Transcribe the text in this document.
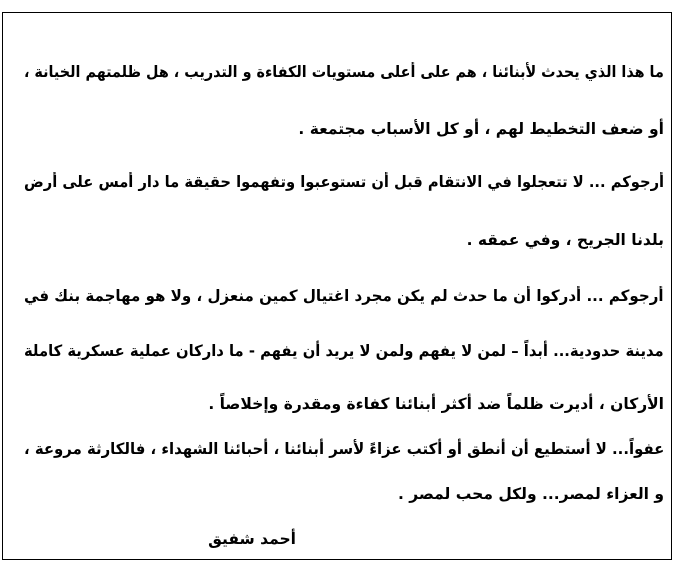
ما هذا الذي يحدث لأبنائنا ، هم على أعلى مستويات الكفاءة و التدريب ، هل ظلمتهم الخيانة ،
أو ضعف التخطيط لهم ، أو كل الأسباب مجتمعة .
أرجوكم ... لا تتعجلوا في الانتقام قبل أن تستوعبوا وتفهموا حقيقة ما دار أمس على أرض
بلدنا الجريح ، وفي عمقه .
أرجوكم ... أدركوا أن ما حدث لم يكن مجرد اغتيال كمين منعزل ، ولا هو مهاجمة بنك في
مدينة حدودية... أبداً – لمن لا يفهم ولمن لا يريد أن يفهم - ما داركان عملية عسكرية كاملة
الأركان ، أديرت ظلماً ضد أكثر أبنائنا كفاءة ومقدرة وإخلاصاً .
عفواً... لا أستطيع أن أنطق أو أكتب عزاءً لأسر أبنائنا ، أحبائنا الشهداء ، فالكارثة مروعة ،
و العزاء لمصر... ولكل محب لمصر .
أحمد شفيق
